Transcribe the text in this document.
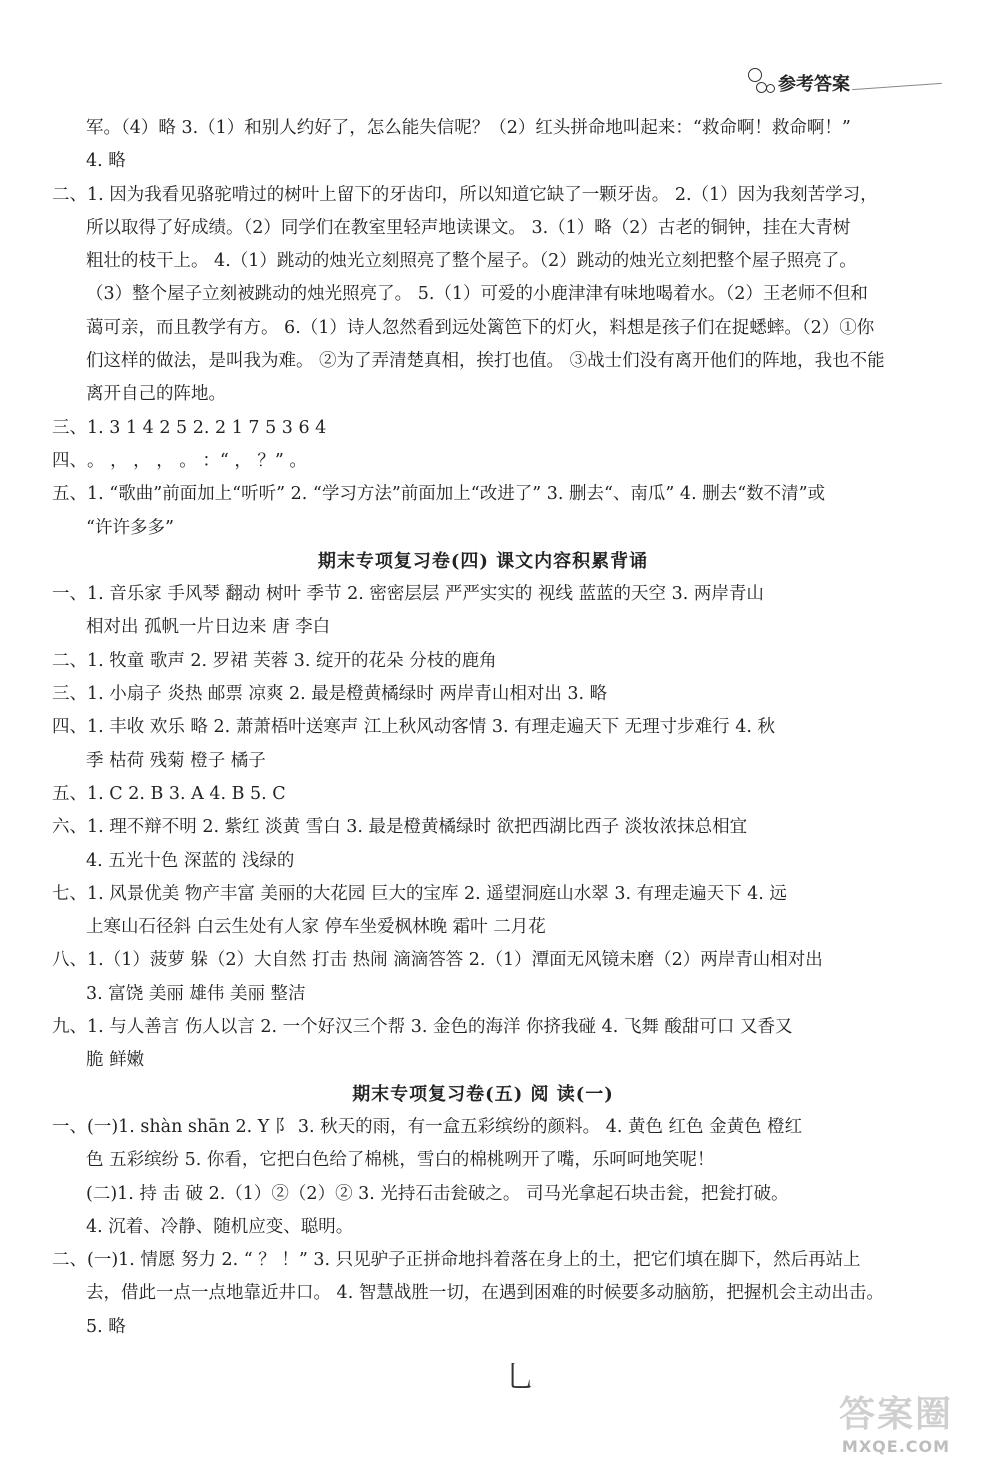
参考答案
军。（4）略 3.（1）和别人约好了，怎么能失信呢？（2）红头拼命地叫起来：“救命啊！救命啊！”
4. 略
二、 1. 因为我看见骆驼啃过的树叶上留下的牙齿印，所以知道它缺了一颗牙齿。 2.（1）因为我刻苦学习，
所以取得了好成绩。（2）同学们在教室里轻声地读课文。 3.（1）略（2）古老的铜钟，挂在大青树
粗壮的枝干上。 4.（1）跳动的烛光立刻照亮了整个屋子。（2）跳动的烛光立刻把整个屋子照亮了。
（3）整个屋子立刻被跳动的烛光照亮了。 5.（1）可爱的小鹿津津有味地喝着水。（2）王老师不但和
蔼可亲，而且教学有方。 6.（1）诗人忽然看到远处篱笆下的灯火，料想是孩子们在捉蟋蟀。（2）①你
们这样的做法，是叫我为难。 ②为了弄清楚真相，挨打也值。 ③战士们没有离开他们的阵地，我也不能
离开自己的阵地。
三、 1. 3 1 4 2 5 2. 2 1 7 5 3 6 4
四、 。 ， ， ， 。 ：“ ， ？” 。
五、 1. “歌曲”前面加上“听听” 2. “学习方法”前面加上“改进了” 3. 删去“、南瓜” 4. 删去“数不清”或
“许许多多”
期末专项复习卷(四) 课文内容积累背诵
一、 1. 音乐家 手风琴 翻动 树叶 季节 2. 密密层层 严严实实的 视线 蓝蓝的天空 3. 两岸青山
相对出 孤帆一片日边来 唐 李白
二、 1. 牧童 歌声 2. 罗裙 芙蓉 3. 绽开的花朵 分枝的鹿角
三、 1. 小扇子 炎热 邮票 凉爽 2. 最是橙黄橘绿时 两岸青山相对出 3. 略
四、 1. 丰收 欢乐 略 2. 萧萧梧叶送寒声 江上秋风动客情 3. 有理走遍天下 无理寸步难行 4. 秋
季 枯荷 残菊 橙子 橘子
五、 1. C 2. B 3. A 4. B 5. C
六、 1. 理不辩不明 2. 紫红 淡黄 雪白 3. 最是橙黄橘绿时 欲把西湖比西子 淡妆浓抹总相宜
4. 五光十色 深蓝的 浅绿的
七、 1. 风景优美 物产丰富 美丽的大花园 巨大的宝库 2. 遥望洞庭山水翠 3. 有理走遍天下 4. 远
上寒山石径斜 白云生处有人家 停车坐爱枫林晚 霜叶 二月花
八、 1.（1）菠萝 躲（2）大自然 打击 热闹 滴滴答答 2.（1）潭面无风镜未磨（2）两岸青山相对出
3. 富饶 美丽 雄伟 美丽 整洁
九、 1. 与人善言 伤人以言 2. 一个好汉三个帮 3. 金色的海洋 你挤我碰 4. 飞舞 酸甜可口 又香又
脆 鲜嫩
期末专项复习卷(五) 阅 读(一)
一、 (一)1. shàn shān 2. Y 阝 3. 秋天的雨，有一盒五彩缤纷的颜料。 4. 黄色 红色 金黄色 橙红
色 五彩缤纷 5. 你看，它把白色给了棉桃，雪白的棉桃咧开了嘴，乐呵呵地笑呢！
(二)1. 持 击 破 2.（1）②（2）② 3. 光持石击瓮破之。 司马光拿起石块击瓮，把瓮打破。
4. 沉着、冷静、随机应变、聪明。
二、 (一)1. 情愿 努力 2. “ ？ ！” 3. 只见驴子正拼命地抖着落在身上的土，把它们填在脚下，然后再站上
去，借此一点一点地靠近井口。 4. 智慧战胜一切，在遇到困难的时候要多动脑筋，把握机会主动出击。
5. 略
乚
答案圈
MXQE.COM
